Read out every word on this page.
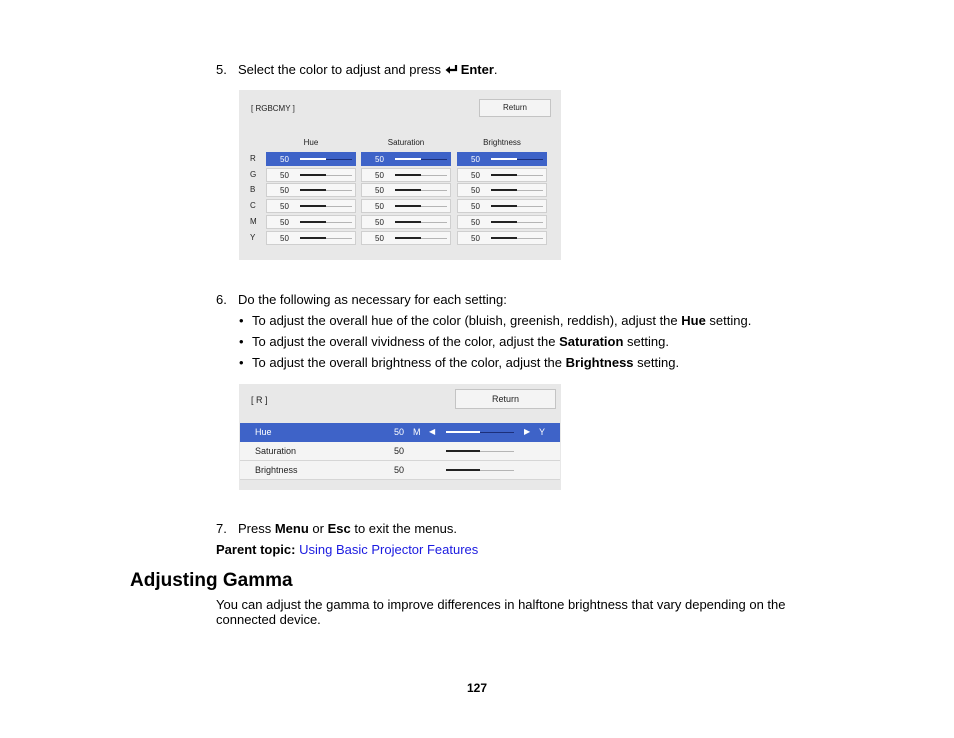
5. Select the color to adjust and press Enter.
[ RGBCMY ]	Return
Hue	Saturation	Brightness
R	50	50	50
G	50	50	50
B	50	50	50
C	50	50	50
M	50	50	50
Y	50	50	50
6. Do the following as necessary for each setting:
• To adjust the overall hue of the color (bluish, greenish, reddish), adjust the Hue setting.
• To adjust the overall vividness of the color, adjust the Saturation setting.
• To adjust the overall brightness of the color, adjust the Brightness setting.
[ R ]	Return
Hue	50 M ◀	▶ Y
Saturation	50
Brightness	50
7. Press Menu or Esc to exit the menus.
Parent topic: Using Basic Projector Features
Adjusting Gamma
You can adjust the gamma to improve differences in halftone brightness that vary depending on the
connected device.
127
